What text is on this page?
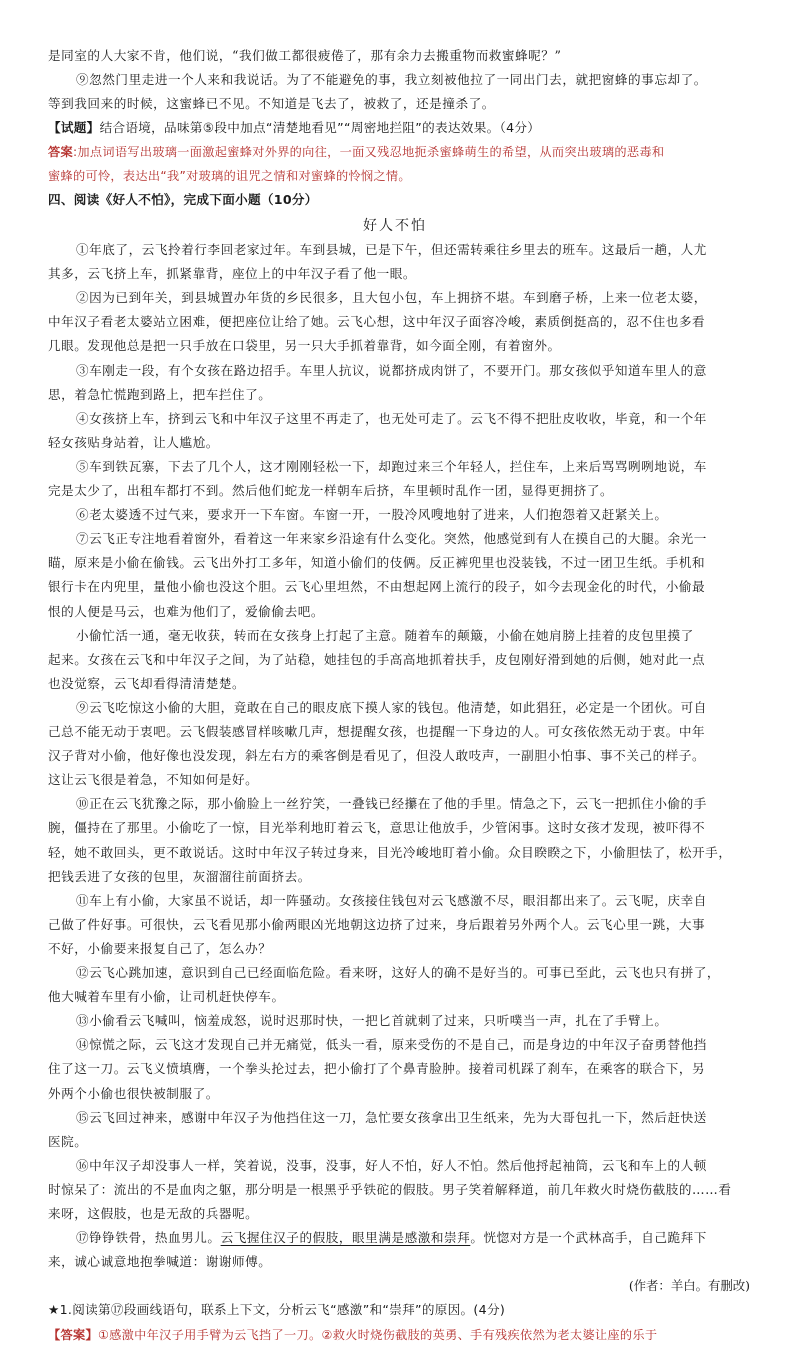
是同室的人大家不肯，他们说，“我们做工都很疲倦了，那有余力去搬重物而救蜜蜂呢？”
⑨忽然门里走进一个人来和我说话。为了不能避免的事，我立刻被他拉了一同出门去，就把窗蜂的事忘却了。
等到我回来的时候，这蜜蜂已不见。不知道是飞去了，被救了，还是撞杀了。
【试题】结合语境，品味第⑤段中加点“清楚地看见”“周密地拦阻”的表达效果。（4分）
答案:加点词语写出玻璃一面激起蜜蜂对外界的向往，一面又残忍地扼杀蜜蜂萌生的希望，从而突出玻璃的恶毒和
蜜蜂的可怜，表达出“我”对玻璃的诅咒之情和对蜜蜂的怜悯之情。
四、阅读《好人不怕》，完成下面小题（10分）
好人不怕
①年底了，云飞拎着行李回老家过年。车到县城，已是下午，但还需转乘往乡里去的班车。这最后一趟，人尤
其多，云飞挤上车，抓紧靠背，座位上的中年汉子看了他一眼。
②因为已到年关，到县城置办年货的乡民很多，且大包小包，车上拥挤不堪。车到磨子桥，上来一位老太婆，
中年汉子看老太婆站立困难，便把座位让给了她。云飞心想，这中年汉子面容冷峻，素质倒挺高的，忍不住也多看
几眼。发现他总是把一只手放在口袋里，另一只大手抓着靠背，如今面全刚，有着窗外。
③车刚走一段，有个女孩在路边招手。车里人抗议，说都挤成肉饼了，不要开门。那女孩似乎知道车里人的意
思，着急忙慌跑到路上，把车拦住了。
④女孩挤上车，挤到云飞和中年汉子这里不再走了，也无处可走了。云飞不得不把肚皮收收，毕竟，和一个年
轻女孩贴身站着，让人尴尬。
⑤车到铁瓦寨，下去了几个人，这才刚刚轻松一下，却跑过来三个年轻人，拦住车，上来后骂骂咧咧地说，车
完是太少了，出租车都打不到。然后他们蛇龙一样朝车后挤，车里顿时乱作一团，显得更拥挤了。
⑥老太婆透不过气来，要求开一下车窗。车窗一开，一股冷风嗖地射了进来，人们抱怨着又赶紧关上。
⑦云飞正专注地看着窗外，看着这一年来家乡沿途有什么变化。突然，他感觉到有人在摸自己的大腿。余光一
瞄，原来是小偷在偷钱。云飞出外打工多年，知道小偷们的伎俩。反正裤兜里也没装钱，不过一团卫生纸。手机和
银行卡在内兜里，量他小偷也没这个胆。云飞心里坦然，不由想起网上流行的段子，如今去现金化的时代，小偷最
恨的人便是马云，也难为他们了，爱偷偷去吧。
小偷忙活一通，毫无收获，转而在女孩身上打起了主意。随着车的颠簸，小偷在她肩膀上挂着的皮包里摸了
起来。女孩在云飞和中年汉子之间，为了站稳，她挂包的手高高地抓着扶手，皮包刚好滑到她的后侧，她对此一点
也没觉察，云飞却看得清清楚楚。
⑨云飞吃惊这小偷的大胆，竟敢在自己的眼皮底下摸人家的钱包。他清楚，如此猖狂，必定是一个团伙。可自
己总不能无动于衷吧。云飞假装感冒样咳嗽几声，想提醒女孩，也提醒一下身边的人。可女孩依然无动于衷。中年
汉子背对小偷，他好像也没发现，斜左右方的乘客倒是看见了，但没人敢吱声，一副胆小怕事、事不关己的样子。
这让云飞很是着急，不知如何是好。
⑩正在云飞犹豫之际，那小偷脸上一丝狞笑，一叠钱已经攥在了他的手里。情急之下，云飞一把抓住小偷的手
腕，僵持在了那里。小偷吃了一惊，目光举利地盯着云飞，意思让他放手，少管闲事。这时女孩才发现，被吓得不
轻，她不敢回头，更不敢说话。这时中年汉子转过身来，目光冷峻地盯着小偷。众目睽睽之下，小偷胆怯了，松开手，
把钱丢进了女孩的包里，灰溜溜往前面挤去。
⑪车上有小偷，大家虽不说话，却一阵骚动。女孩接住钱包对云飞感激不尽，眼泪都出来了。云飞呢，庆幸自
己做了件好事。可很快，云飞看见那小偷两眼凶光地朝这边挤了过来，身后跟着另外两个人。云飞心里一跳，大事
不好，小偷要来报复自己了，怎么办？
⑫云飞心跳加速，意识到自己已经面临危险。看来呀，这好人的确不是好当的。可事已至此，云飞也只有拼了，
他大喊着车里有小偷，让司机赶快停车。
⑬小偷看云飞喊叫，恼羞成怒，说时迟那时快，一把匕首就刺了过来，只听噗当一声，扎在了手臂上。
⑭惊慌之际，云飞这才发现自己并无痛觉，低头一看，原来受伤的不是自己，而是身边的中年汉子奋勇替他挡
住了这一刀。云飞义愤填膺，一个拳头抡过去，把小偷打了个鼻青脸肿。接着司机踩了刹车，在乘客的联合下，另
外两个小偷也很快被制服了。
⑮云飞回过神来，感谢中年汉子为他挡住这一刀，急忙要女孩拿出卫生纸来，先为大哥包扎一下，然后赶快送
医院。
⑯中年汉子却没事人一样，笑着说，没事，没事，好人不怕，好人不怕。然后他捋起袖筒，云飞和车上的人顿
时惊呆了：流出的不是血肉之躯，那分明是一根黑乎乎铁砣的假肢。男子笑着解释道，前几年救火时烧伤截肢的……看
来呀，这假肢，也是无敌的兵器呢。
⑰铮铮铁骨，热血男儿。云飞握住汉子的假肢，眼里满是感激和崇拜。恍惚对方是一个武林高手，自己跪拜下
来，诚心诚意地抱拳喊道：谢谢师傅。
(作者：羊白。有删改)
★1.阅读第⑰段画线语句，联系上下文，分析云飞“感激”和“崇拜”的原因。(4分)
【答案】①感激中年汉子用手臂为云飞挡了一刀。②救火时烧伤截肢的英勇、手有残疾依然为老太婆让座的乐于
